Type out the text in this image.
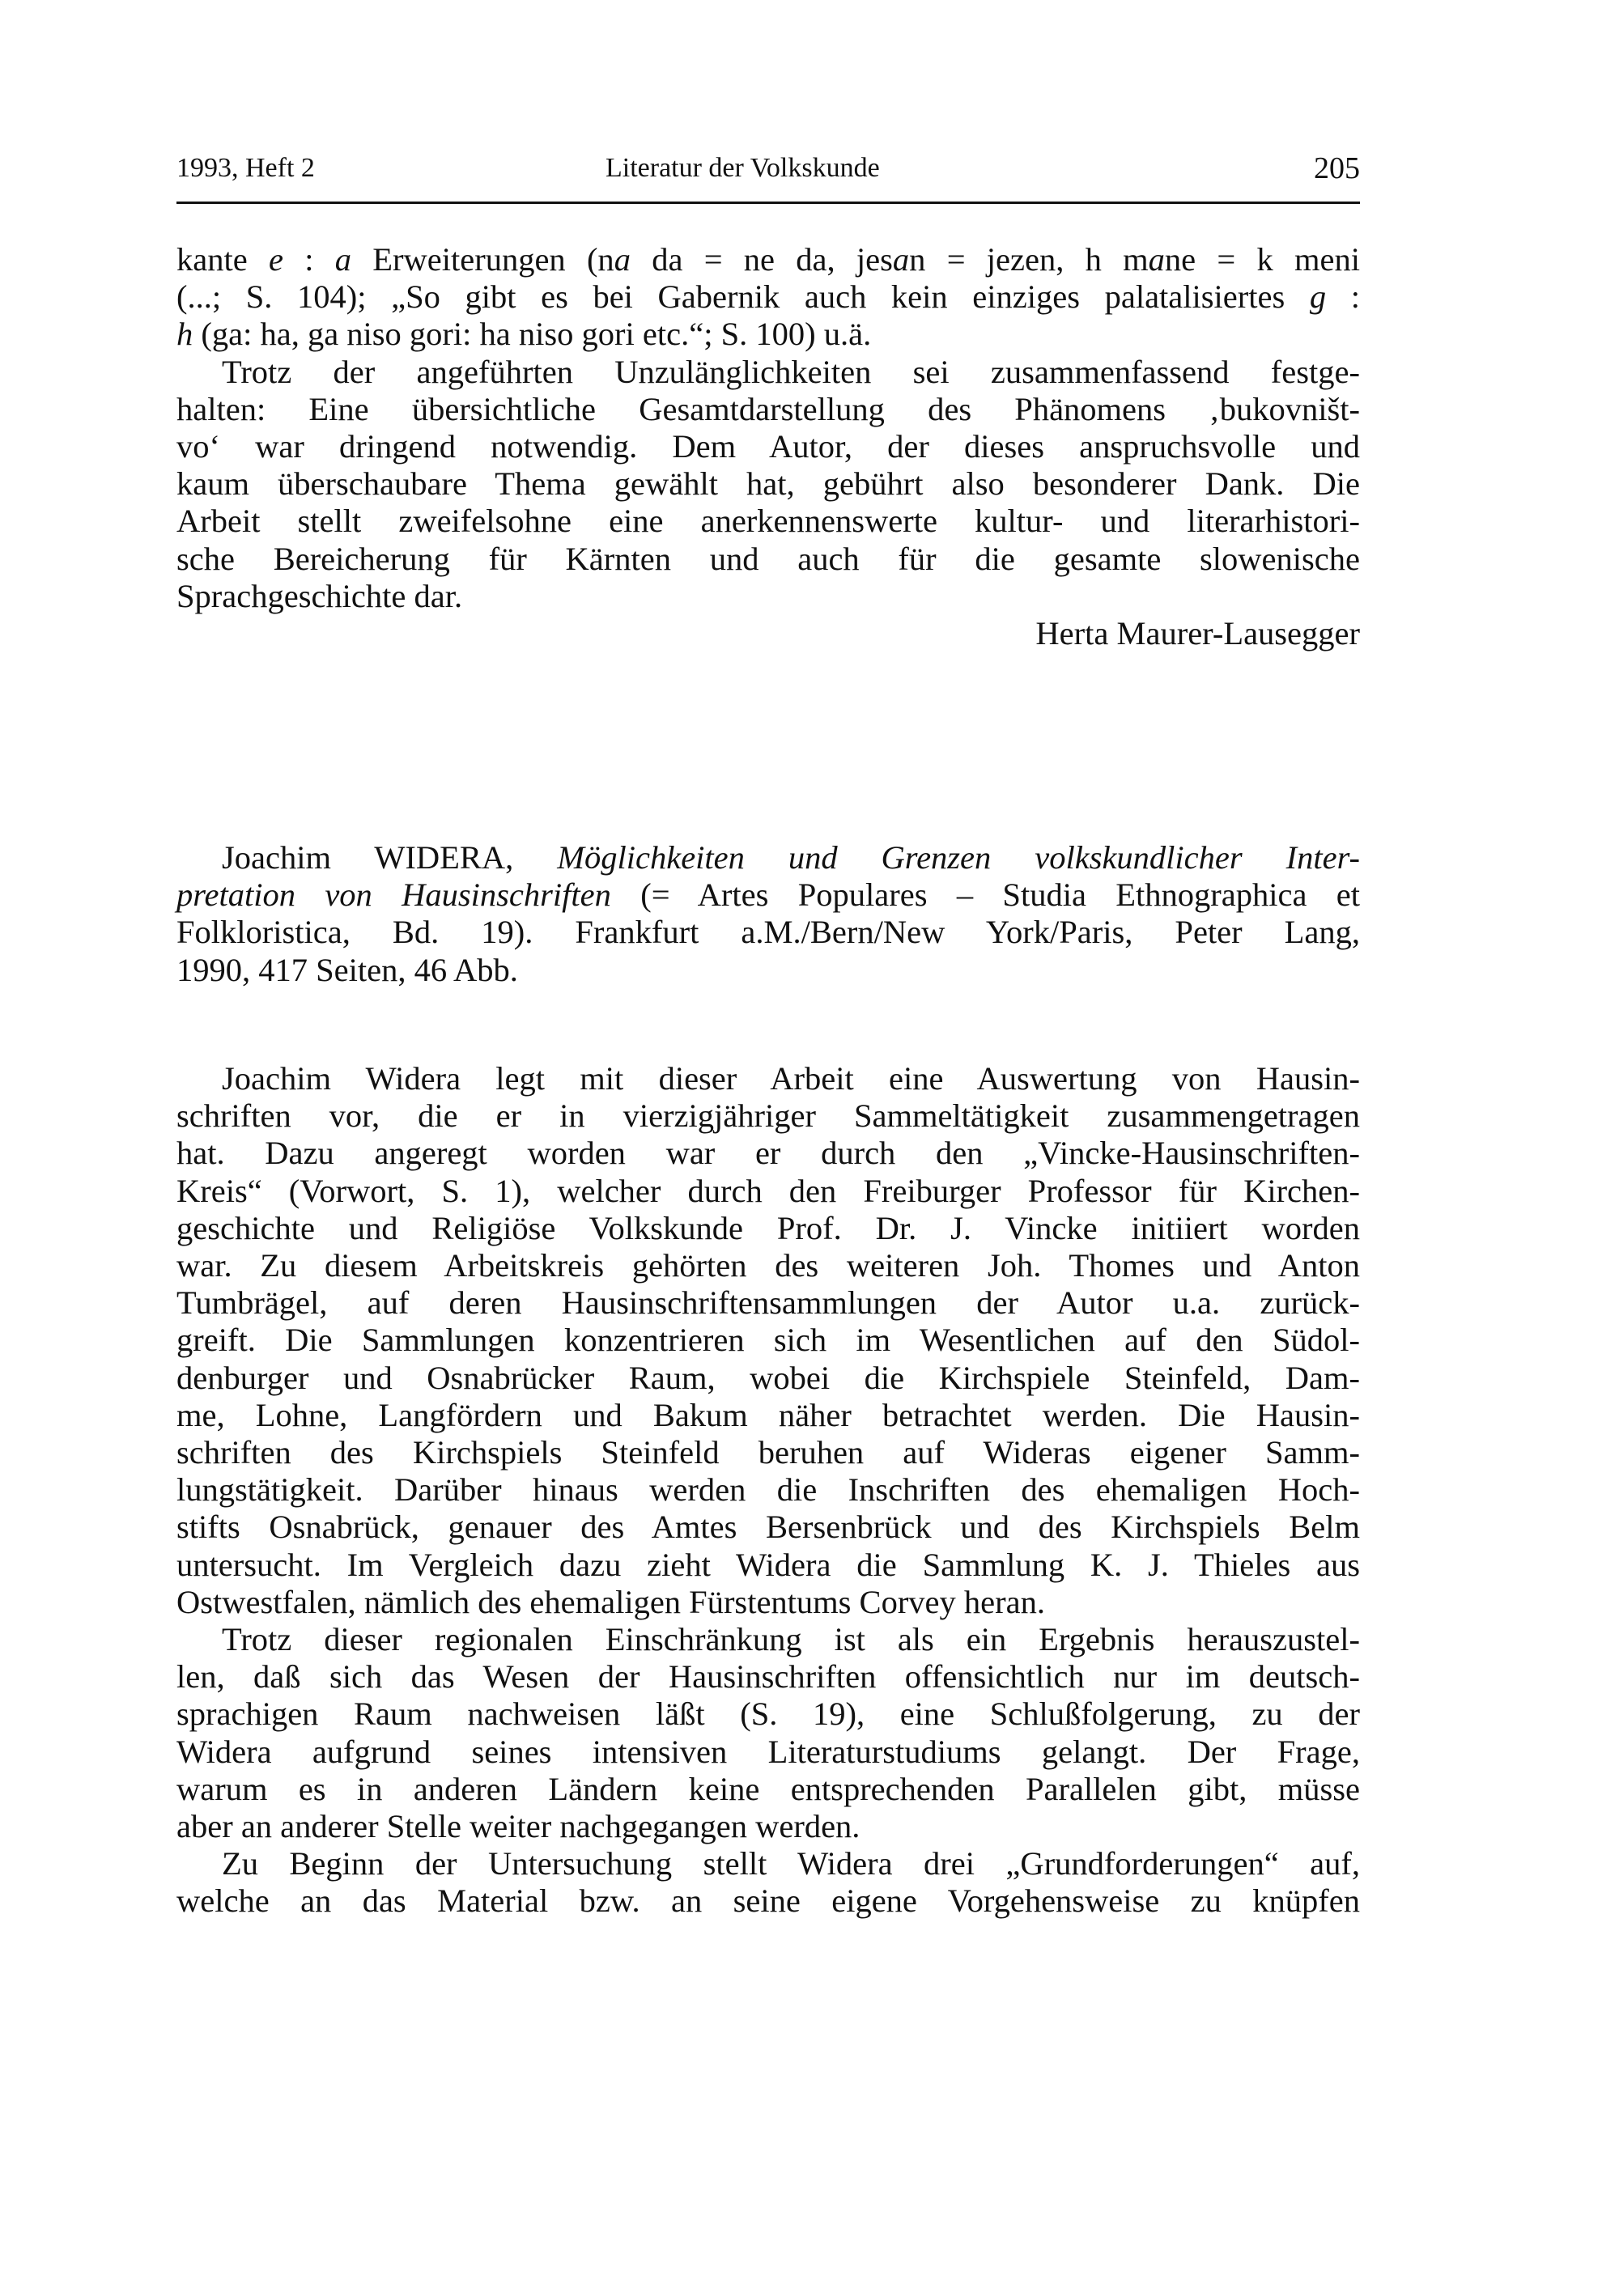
1993, Heft 2	Literatur der Volkskunde	205

kante e : a Erweiterungen (na da = ne da, jesan = jezen, h mane = k meni
(...; S. 104); „So gibt es bei Gabernik auch kein einziges palatalisiertes g :
h (ga: ha, ga niso gori: ha niso gori etc.“; S. 100) u.ä.

Trotz der angeführten Unzulänglichkeiten sei zusammenfassend festge-
halten: Eine übersichtliche Gesamtdarstellung des Phänomens ‚bukovništ-
vo‘ war dringend notwendig. Dem Autor, der dieses anspruchsvolle und
kaum überschaubare Thema gewählt hat, gebührt also besonderer Dank. Die
Arbeit stellt zweifelsohne eine anerkennenswerte kultur- und literarhistori-
sche Bereicherung für Kärnten und auch für die gesamte slowenische
Sprachgeschichte dar.

Herta Maurer-Lausegger

Joachim WIDERA, Möglichkeiten und Grenzen volkskundlicher Inter-
pretation von Hausinschriften (= Artes Populares – Studia Ethnographica et
Folkloristica, Bd. 19). Frankfurt a.M./Bern/New York/Paris, Peter Lang,
1990, 417 Seiten, 46 Abb.

Joachim Widera legt mit dieser Arbeit eine Auswertung von Hausin-
schriften vor, die er in vierzigjähriger Sammeltätigkeit zusammengetragen
hat. Dazu angeregt worden war er durch den „Vincke-Hausinschriften-
Kreis“ (Vorwort, S. 1), welcher durch den Freiburger Professor für Kirchen-
geschichte und Religiöse Volkskunde Prof. Dr. J. Vincke initiiert worden
war. Zu diesem Arbeitskreis gehörten des weiteren Joh. Thomes und Anton
Tumbrägel, auf deren Hausinschriftensammlungen der Autor u.a. zurück-
greift. Die Sammlungen konzentrieren sich im Wesentlichen auf den Südol-
denburger und Osnabrücker Raum, wobei die Kirchspiele Steinfeld, Dam-
me, Lohne, Langfördern und Bakum näher betrachtet werden. Die Hausin-
schriften des Kirchspiels Steinfeld beruhen auf Wideras eigener Samm-
lungstätigkeit. Darüber hinaus werden die Inschriften des ehemaligen Hoch-
stifts Osnabrück, genauer des Amtes Bersenbrück und des Kirchspiels Belm
untersucht. Im Vergleich dazu zieht Widera die Sammlung K. J. Thieles aus
Ostwestfalen, nämlich des ehemaligen Fürstentums Corvey heran.

Trotz dieser regionalen Einschränkung ist als ein Ergebnis herauszustel-
len, daß sich das Wesen der Hausinschriften offensichtlich nur im deutsch-
sprachigen Raum nachweisen läßt (S. 19), eine Schlußfolgerung, zu der
Widera aufgrund seines intensiven Literaturstudiums gelangt. Der Frage,
warum es in anderen Ländern keine entsprechenden Parallelen gibt, müsse
aber an anderer Stelle weiter nachgegangen werden.

Zu Beginn der Untersuchung stellt Widera drei „Grundforderungen“ auf,
welche an das Material bzw. an seine eigene Vorgehensweise zu knüpfen
